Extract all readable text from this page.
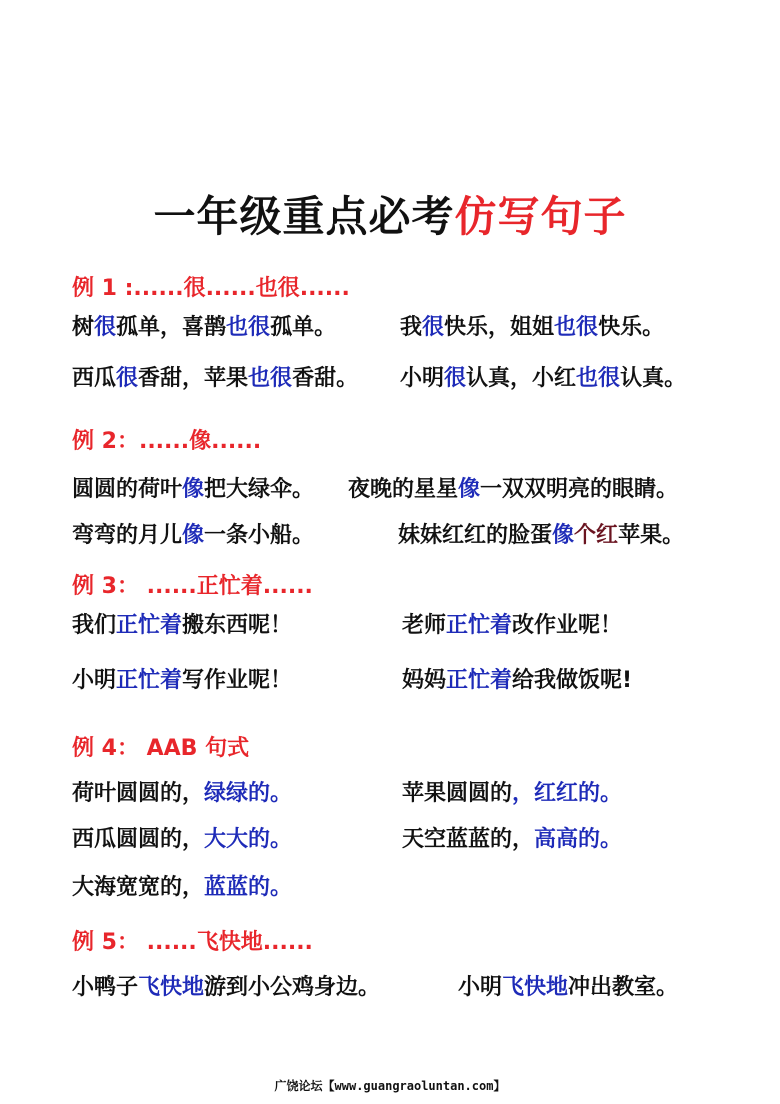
一年级重点必考仿写句子
例 1 :......很......也很......
树很孤单，喜鹊也很孤单。	我很快乐，姐姐也很快乐。
西瓜很香甜，苹果也很香甜。 小明很认真，小红也很认真。
例 2：......像......
圆圆的荷叶像把大绿伞。 夜晚的星星像一双双明亮的眼睛。
弯弯的月儿像一条小船。	妹妹红红的脸蛋像个红苹果。
例 3： ......正忙着......
我们正忙着搬东西呢！	老师正忙着改作业呢！
小明正忙着写作业呢！	妈妈正忙着给我做饭呢!
例 4： AAB 句式
荷叶圆圆的，绿绿的。	苹果圆圆的，红红的。
西瓜圆圆的，大大的。	天空蓝蓝的，高高的。
大海宽宽的，蓝蓝的。
例 5： ......飞快地......
小鸭子飞快地游到小公鸡身边。	小明飞快地冲出教室。
广饶论坛【www.guangraoluntan.com】
